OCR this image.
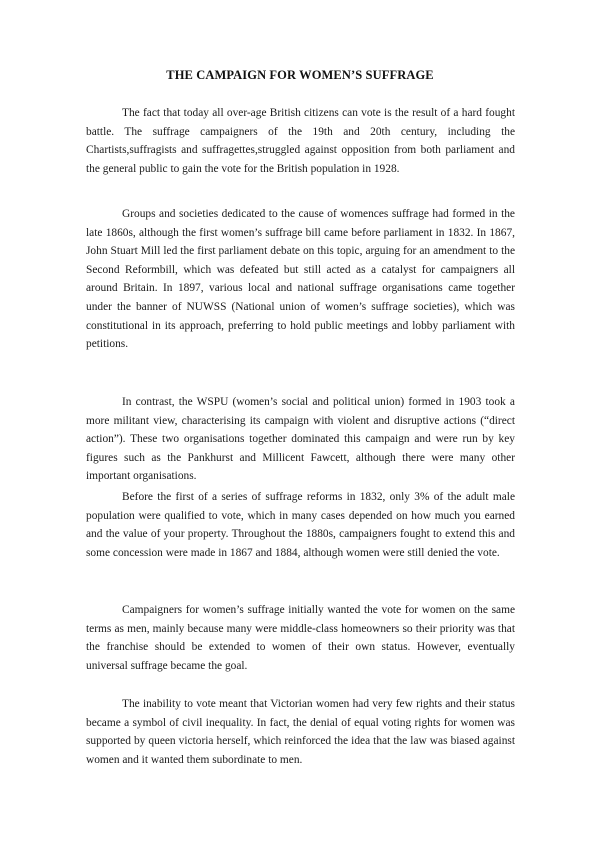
THE CAMPAIGN FOR WOMEN’S SUFFRAGE

The fact that today all over-age British citizens can vote is the result of a hard fought battle. The suffrage campaigners of the 19th and 20th century, including the Chartists,suffragists and suffragettes,struggled against opposition from both parliament and the general public to gain the vote for the British population in 1928.

Groups and societies dedicated to the cause of womences suffrage had formed in the late 1860s, although the first women’s suffrage bill came before parliament in 1832. In 1867, John Stuart Mill led the first parliament debate on this topic, arguing for an amendment to the Second Reformbill, which was defeated but still acted as a catalyst for campaigners all around Britain. In 1897, various local and national suffrage organisations came together under the banner of NUWSS (National union of women’s suffrage societies), which was constitutional in its approach, preferring to hold public meetings and lobby parliament with petitions.

In contrast, the WSPU (women’s social and political union) formed in 1903 took a more militant view, characterising its campaign with violent and disruptive actions (“direct action”). These two organisations together dominated this campaign and were run by key figures such as the Pankhurst and Millicent Fawcett, although there were many other important organisations.

Before the first of a series of suffrage reforms in 1832, only 3% of the adult male population were qualified to vote, which in many cases depended on how much you earned and the value of your property. Throughout the 1880s, campaigners fought to extend this and some concession were made in 1867 and 1884, although women were still denied the vote.

Campaigners for women’s suffrage initially wanted the vote for women on the same terms as men, mainly because many were middle-class homeowners so their priority was that the franchise should be extended to women of their own status. However, eventually universal suffrage became the goal.

The inability to vote meant that Victorian women had very few rights and their status became a symbol of civil inequality. In fact, the denial of equal voting rights for women was supported by queen victoria herself, which reinforced the idea that the law was biased against women and it wanted them subordinate to men.
